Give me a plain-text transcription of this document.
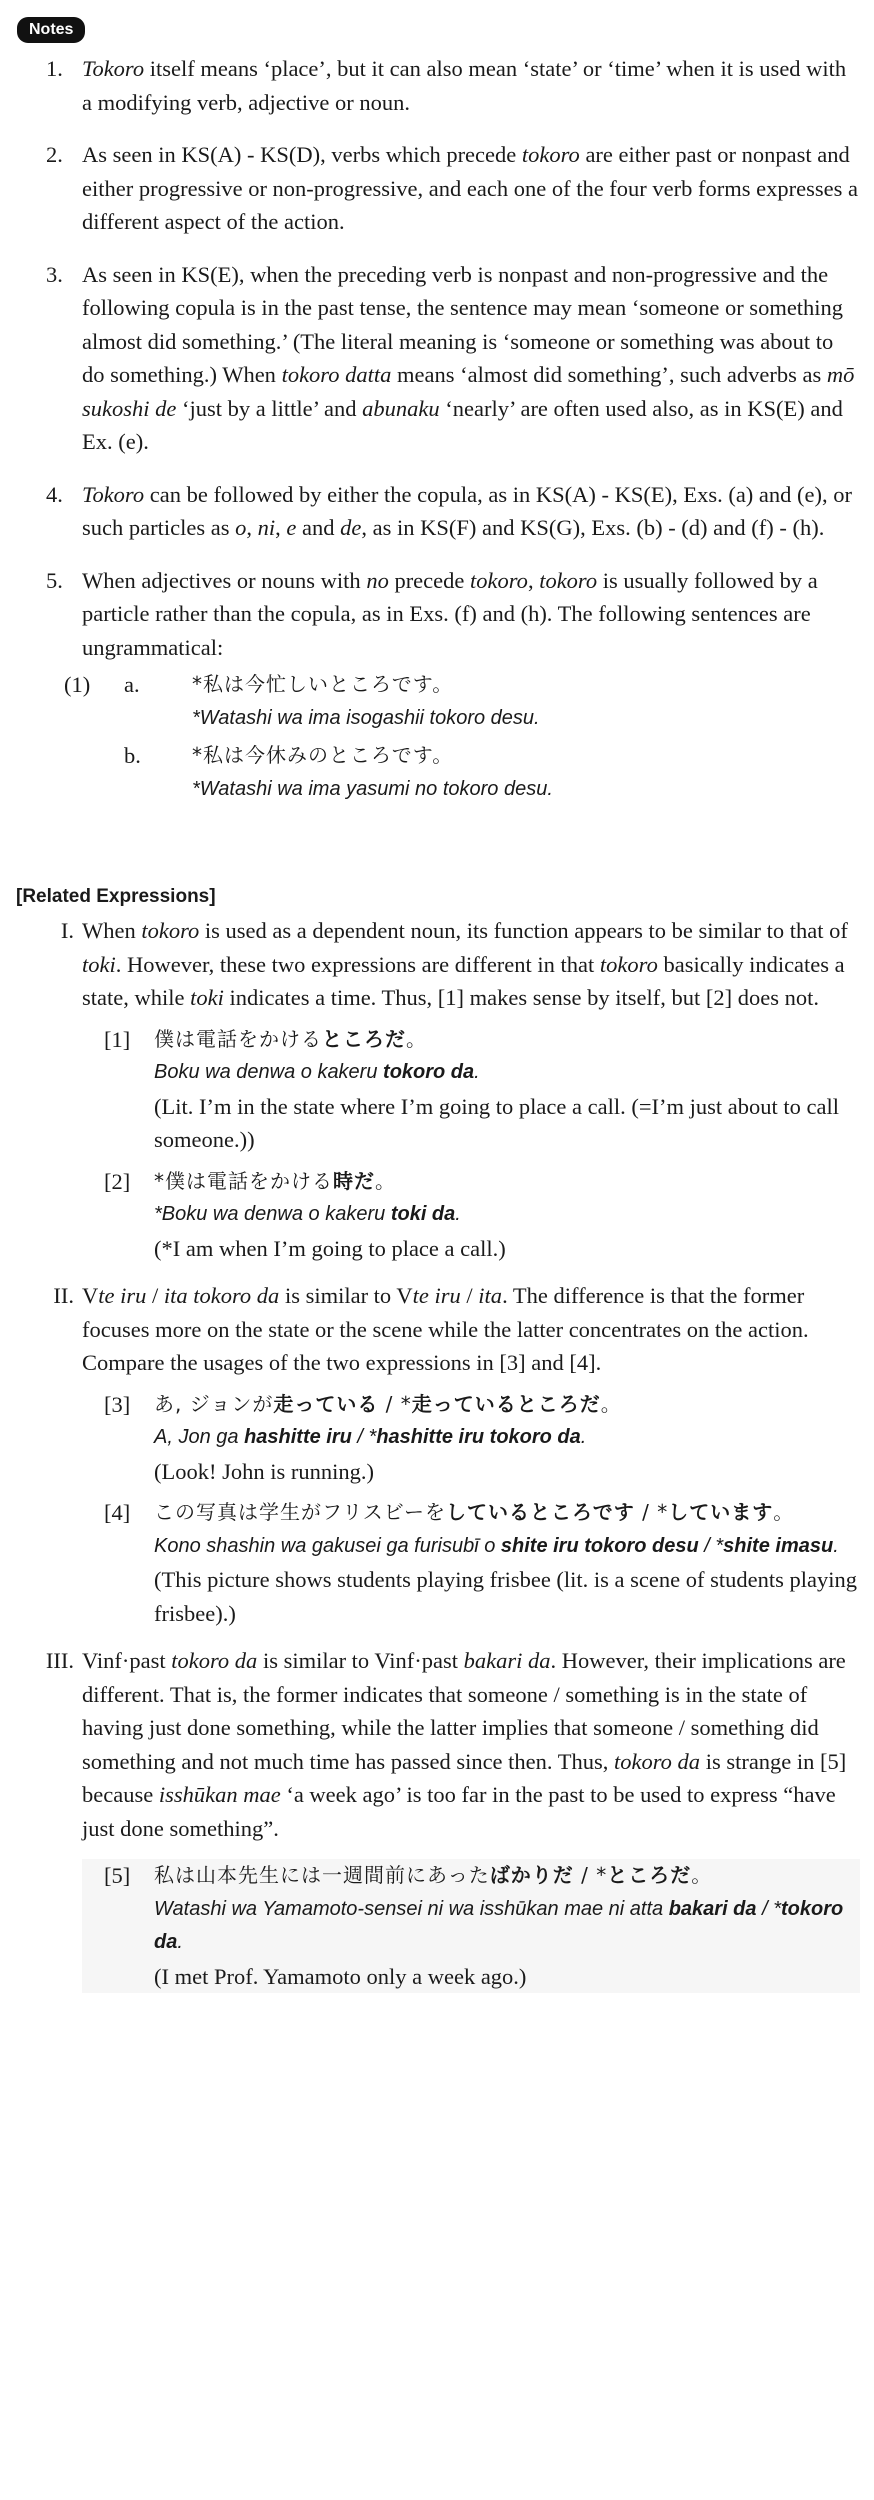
Notes
1. Tokoro itself means ‘place’, but it can also mean ‘state’ or ‘time’ when it is used with a modifying verb, adjective or noun.
2. As seen in KS(A) - KS(D), verbs which precede tokoro are either past or nonpast and either progressive or non-progressive, and each one of the four verb forms expresses a different aspect of the action.
3. As seen in KS(E), when the preceding verb is nonpast and non-progressive and the following copula is in the past tense, the sentence may mean ‘someone or something almost did something.’ (The literal meaning is ‘someone or something was about to do something.) When tokoro datta means ‘almost did something’, such adverbs as mō sukoshi de ‘just by a little’ and abunaku ‘nearly’ are often used also, as in KS(E) and Ex. (e).
4. Tokoro can be followed by either the copula, as in KS(A) - KS(E), Exs. (a) and (e), or such particles as o, ni, e and de, as in KS(F) and KS(G), Exs. (b) - (d) and (f) - (h).
5. When adjectives or nouns with no precede tokoro, tokoro is usually followed by a particle rather than the copula, as in Exs. (f) and (h). The following sentences are ungrammatical:
(1) a.	*私は今忙しいところです。
*Watashi wa ima isogashii tokoro desu.
b.	*私は今休みのところです。
*Watashi wa ima yasumi no tokoro desu.
[Related Expressions]
I. When tokoro is used as a dependent noun, its function appears to be similar to that of toki. However, these two expressions are different in that tokoro basically indicates a state, while toki indicates a time. Thus, [1] makes sense by itself, but [2] does not.
[1] 僕は電話をかけるところだ。
Boku wa denwa o kakeru tokoro da.
(Lit. I’m in the state where I’m going to place a call. (=I’m just about to call someone.))
[2] *僕は電話をかける時だ。
*Boku wa denwa o kakeru toki da.
(*I am when I’m going to place a call.)
II. Vte iru / ita tokoro da is similar to Vte iru / ita. The difference is that the former focuses more on the state or the scene while the latter concentrates on the action. Compare the usages of the two expressions in [3] and [4].
[3] あ, ジョンが走っている / *走っているところだ。
A, Jon ga hashitte iru / *hashitte iru tokoro da.
(Look! John is running.)
[4] この写真は学生がフリスビーをしているところです / *しています。
Kono shashin wa gakusei ga furisubī o shite iru tokoro desu / *shite imasu.
(This picture shows students playing frisbee (lit. is a scene of students playing frisbee).)
III. Vinf·past tokoro da is similar to Vinf·past bakari da. However, their implications are different. That is, the former indicates that someone / something is in the state of having just done something, while the latter implies that someone / something did something and not much time has passed since then. Thus, tokoro da is strange in [5] because isshūkan mae ‘a week ago’ is too far in the past to be used to express “have just done something”.
[5] 私は山本先生には一週間前にあったばかりだ / *ところだ。
Watashi wa Yamamoto-sensei ni wa isshūkan mae ni atta bakari da / *tokoro da.
(I met Prof. Yamamoto only a week ago.)
